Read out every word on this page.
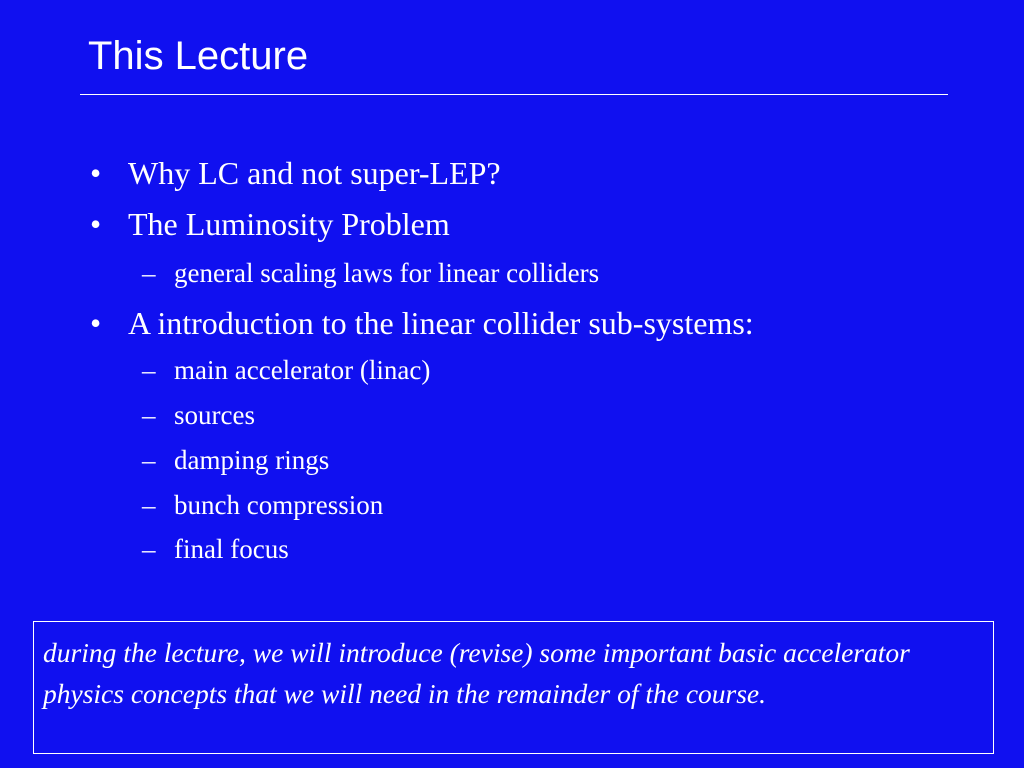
This Lecture
• Why LC and not super-LEP?
• The Luminosity Problem
– general scaling laws for linear colliders
• A introduction to the linear collider sub-systems:
– main accelerator (linac)
– sources
– damping rings
– bunch compression
– final focus
during the lecture, we will introduce (revise) some important basic accelerator physics concepts that we will need in the remainder of the course.
